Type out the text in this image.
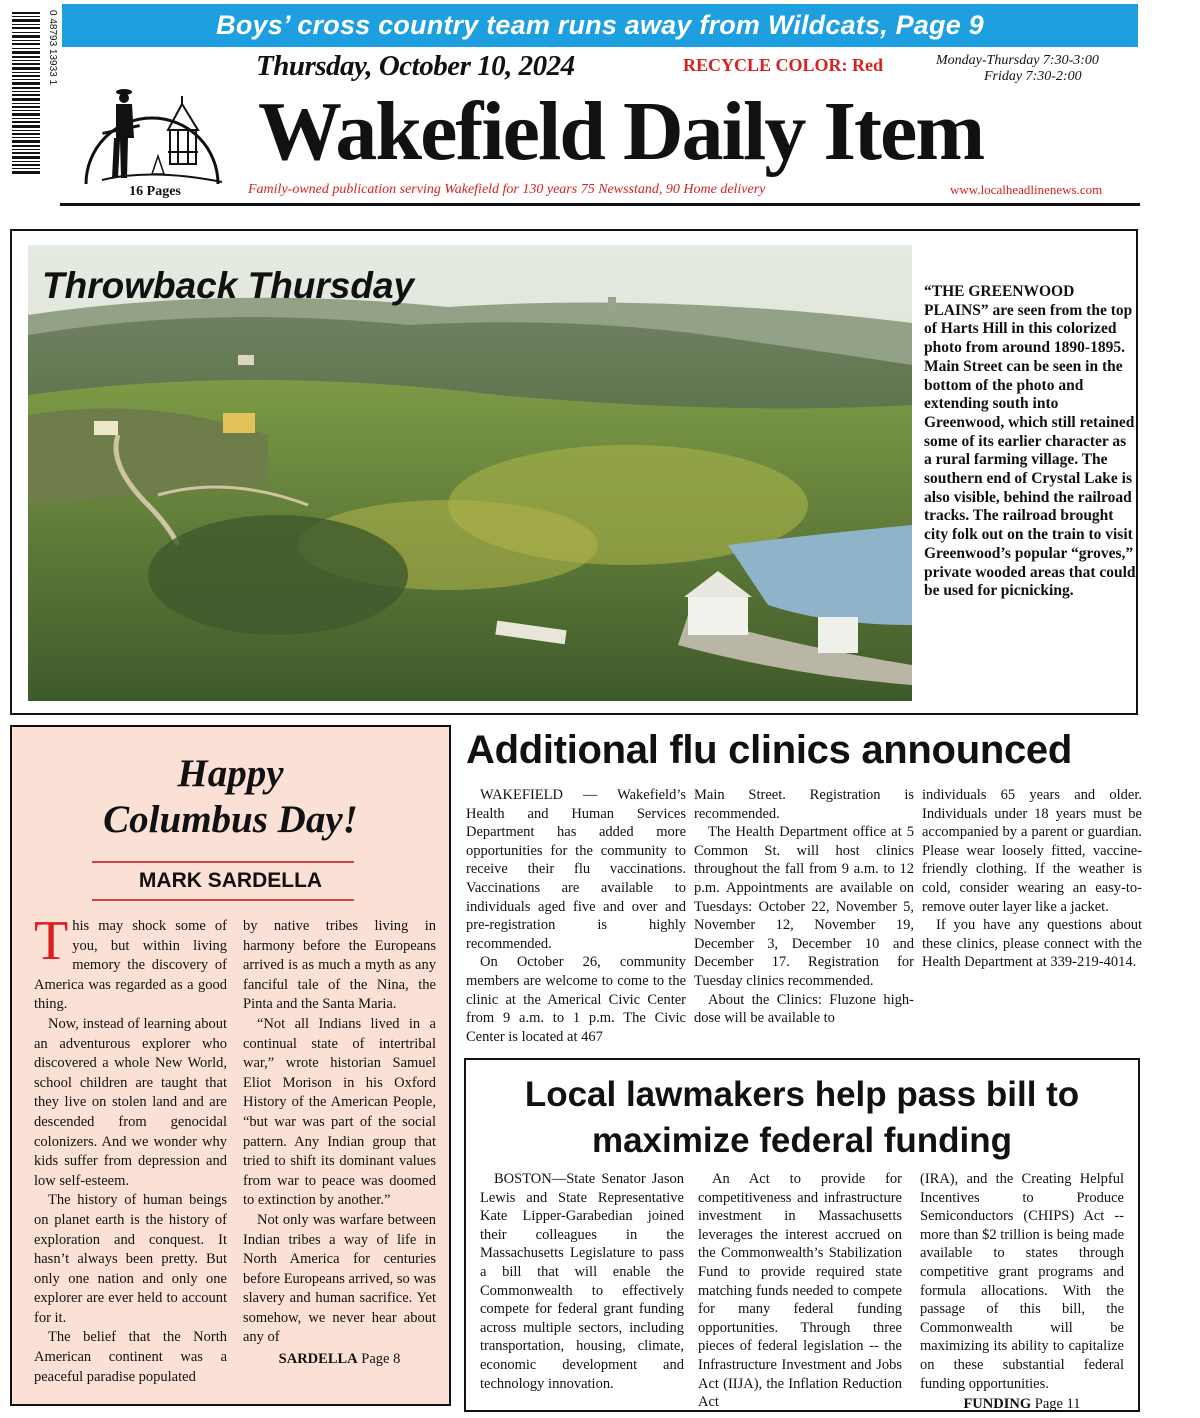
Boys’ cross country team runs away from Wildcats, Page 9
0 48793 13933 1
16 Pages
Thursday, October 10, 2024	RECYCLE COLOR: Red	Monday-Thursday 7:30-3:00
Friday 7:30-2:00
Wakefield Daily Item
Family-owned publication serving Wakefield for 130 years 75 Newsstand, 90 Home delivery	www.localheadlinenews.com
Throwback Thursday	“THE GREENWOOD PLAINS” are seen from the top of Harts Hill in this colorized photo from around 1890-1895. Main Street can be seen in the bottom of the photo and extending south into Greenwood, which still retained some of its earlier character as a rural farming village. The southern end of Crystal Lake is also visible, behind the railroad tracks. The railroad brought city folk out on the train to visit Greenwood’s popular “groves,” private wooded areas that could be used for picnicking.
Happy
Columbus Day!
MARK SARDELLA

This may shock some of you, but within living memory the discovery of America was regarded as a good thing.

Now, instead of learning about an adventurous explorer who discovered a whole New World, school children are taught that they live on stolen land and are descended from genocidal colonizers. And we wonder why kids suffer from depression and low self-esteem.

The history of human beings on planet earth is the history of exploration and conquest. It hasn’t always been pretty. But only one nation and only one explorer are ever held to account for it.

The belief that the North American continent was a peaceful paradise populated

by native tribes living in harmony before the Europeans arrived is as much a myth as any fanciful tale of the Nina, the Pinta and the Santa Maria.

“Not all Indians lived in a continual state of intertribal war,” wrote historian Samuel Eliot Morison in his Oxford History of the American People, “but war was part of the social pattern. Any Indian group that tried to shift its dominant values from war to peace was doomed to extinction by another.”

Not only was warfare between Indian tribes a way of life in North America for centuries before Europeans arrived, so was slavery and human sacrifice. Yet somehow, we never hear about any of

SARDELLA Page 8
Additional flu clinics announced

WAKEFIELD — Wakefield’s Health and Human Services Department has added more opportunities for the community to receive their flu vaccinations. Vaccinations are available to individuals aged five and over and pre-registration is highly recommended.

On October 26, community members are welcome to come to the clinic at the Americal Civic Center from 9 a.m. to 1 p.m. The Civic Center is located at 467

Main Street. Registration is recommended.

The Health Department office at 5 Common St. will host clinics throughout the fall from 9 a.m. to 12 p.m. Appointments are available on Tuesdays: October 22, November 5, November 12, November 19, December 3, December 10 and December 17. Registration for Tuesday clinics recommended.

About the Clinics: Fluzone high-dose will be available to

individuals 65 years and older. Individuals under 18 years must be accompanied by a parent or guardian. Please wear loosely fitted, vaccine-friendly clothing. If the weather is cold, consider wearing an easy-to-remove outer layer like a jacket.

If you have any questions about these clinics, please connect with the Health Department at 339-219-4014.

Local lawmakers help pass bill to
maximize federal funding

BOSTON—State Senator Jason Lewis and State Representative Kate Lipper-Garabedian joined their colleagues in the Massachusetts Legislature to pass a bill that will enable the Commonwealth to effectively compete for federal grant funding across multiple sectors, including transportation, housing, climate, economic development and technology innovation.

An Act to provide for competitiveness and infrastructure investment in Massachusetts leverages the interest accrued on the Commonwealth’s Stabilization Fund to provide required state matching funds needed to compete for many federal funding opportunities. Through three pieces of federal legislation -- the Infrastructure Investment and Jobs Act (IIJA), the Inflation Reduction Act

(IRA), and the Creating Helpful Incentives to Produce Semiconductors (CHIPS) Act -- more than $2 trillion is being made available to states through competitive grant programs and formula allocations. With the passage of this bill, the Commonwealth will be maximizing its ability to capitalize on these substantial federal funding opportunities.

FUNDING Page 11
